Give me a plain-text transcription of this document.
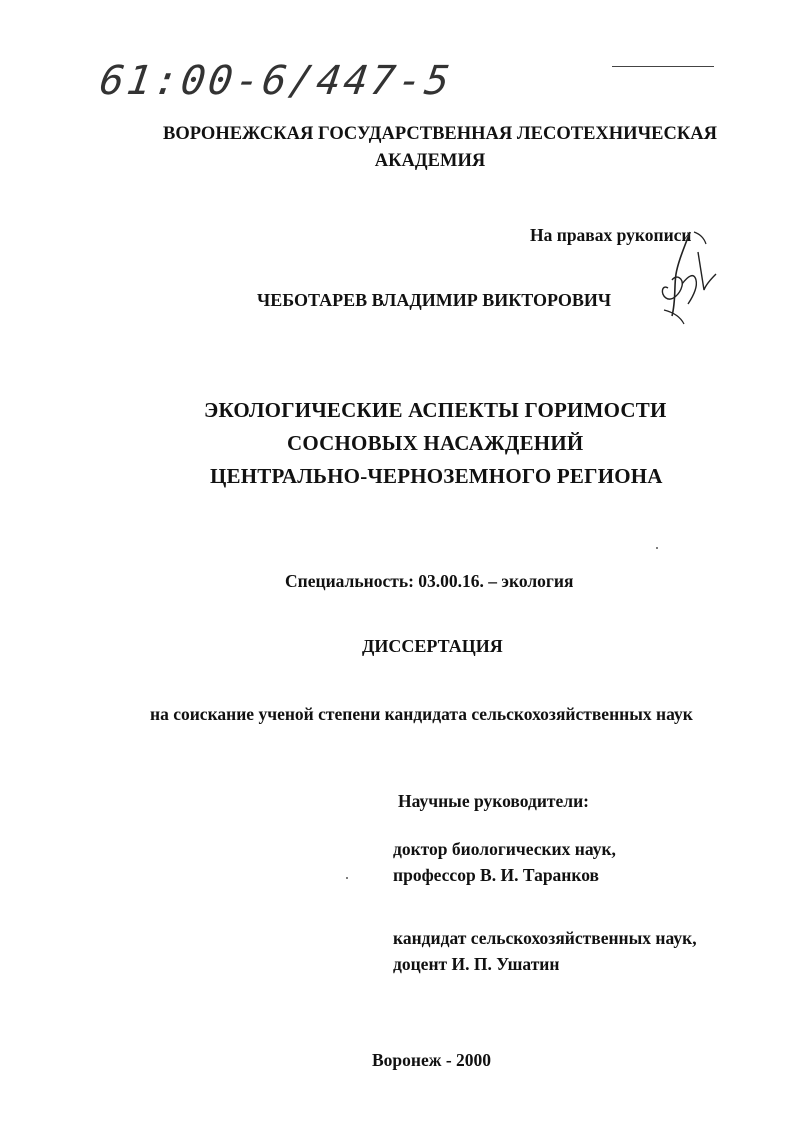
61:00-6/447-5
ВОРОНЕЖСКАЯ ГОСУДАРСТВЕННАЯ ЛЕСОТЕХНИЧЕСКАЯ
АКАДЕМИЯ
На правах рукописи
ЧЕБОТАРЕВ ВЛАДИМИР ВИКТОРОВИЧ
ЭКОЛОГИЧЕСКИЕ АСПЕКТЫ ГОРИМОСТИ
СОСНОВЫХ НАСАЖДЕНИЙ
ЦЕНТРАЛЬНО-ЧЕРНОЗЕМНОГО РЕГИОНА
Специальность: 03.00.16. – экология
ДИССЕРТАЦИЯ
на соискание ученой степени кандидата сельскохозяйственных наук
Научные руководители:
доктор биологических наук,
профессор В. И. Таранков
кандидат сельскохозяйственных наук,
доцент И. П. Ушатин
Воронеж - 2000
